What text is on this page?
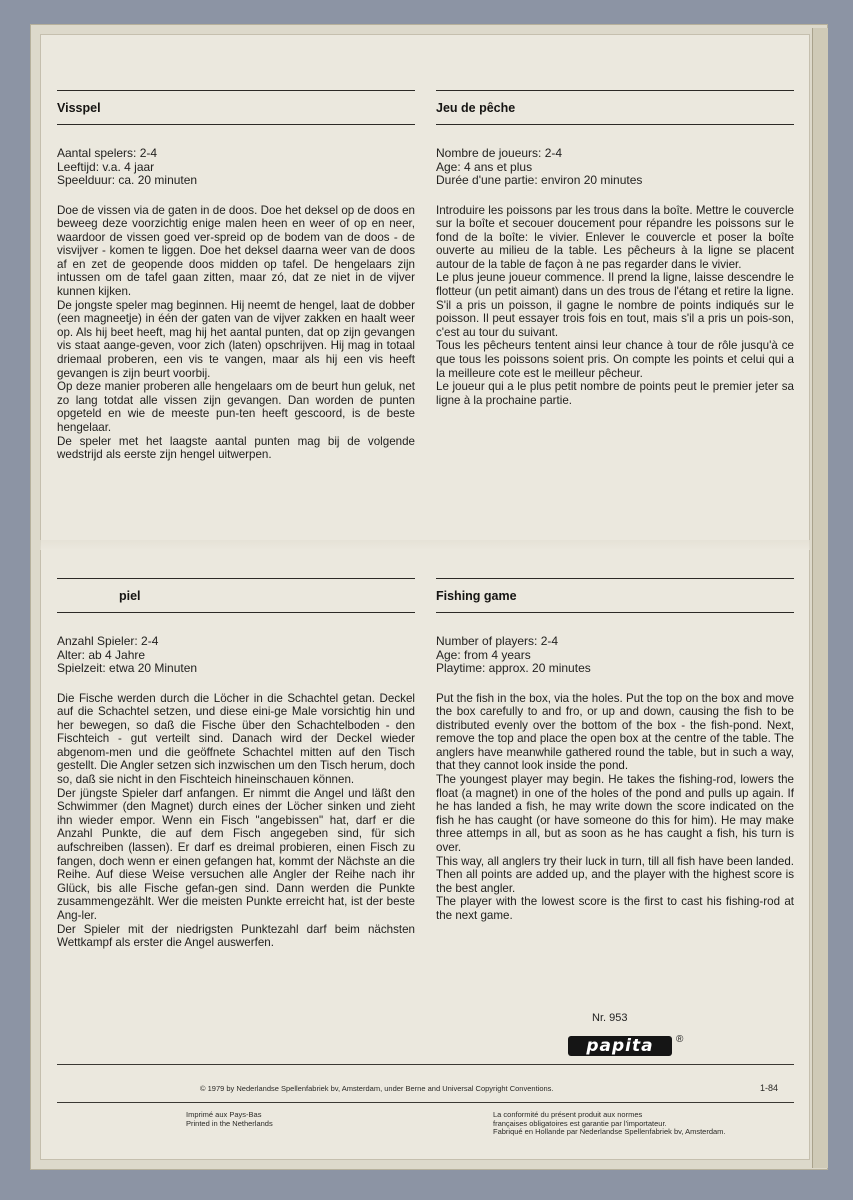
Visspel
Aantal spelers: 2-4
Leeftijd: v.a. 4 jaar
Speelduur: ca. 20 minuten

Doe de vissen via de gaten in de doos. Doe het deksel op de doos en beweeg deze voorzichtig enige malen heen en weer of op en neer, waardoor de vissen goed ver-spreid op de bodem van de doos - de visvijver - komen te liggen. Doe het deksel daarna weer van de doos af en zet de geopende doos midden op tafel. De hengelaars zijn intussen om de tafel gaan zitten, maar zó, dat ze niet in de vijver kunnen kijken.

De jongste speler mag beginnen. Hij neemt de hengel, laat de dobber (een magneetje) in één der gaten van de vijver zakken en haalt weer op. Als hij beet heeft, mag hij het aantal punten, dat op zijn gevangen vis staat aange-geven, voor zich (laten) opschrijven. Hij mag in totaal driemaal proberen, een vis te vangen, maar als hij een vis heeft gevangen is zijn beurt voorbij.

Op deze manier proberen alle hengelaars om de beurt hun geluk, net zo lang totdat alle vissen zijn gevangen. Dan worden de punten opgeteld en wie de meeste pun-ten heeft gescoord, is de beste hengelaar.

De speler met het laagste aantal punten mag bij de volgende wedstrijd als eerste zijn hengel uitwerpen.

Jeu de pêche
Nombre de joueurs: 2-4
Age: 4 ans et plus
Durée d'une partie: environ 20 minutes

Introduire les poissons par les trous dans la boîte. Mettre le couvercle sur la boîte et secouer doucement pour répandre les poissons sur le fond de la boîte: le vivier. Enlever le couvercle et poser la boîte ouverte au milieu de la table. Les pêcheurs à la ligne se placent autour de la table de façon à ne pas regarder dans le vivier.

Le plus jeune joueur commence. Il prend la ligne, laisse descendre le flotteur (un petit aimant) dans un des trous de l'étang et retire la ligne. S'il a pris un poisson, il gagne le nombre de points indiqués sur le poisson. Il peut essayer trois fois en tout, mais s'il a pris un pois-son, c'est au tour du suivant.

Tous les pêcheurs tentent ainsi leur chance à tour de rôle jusqu'à ce que tous les poissons soient pris. On compte les points et celui qui a la meilleure cote est le meilleur pêcheur.

Le joueur qui a le plus petit nombre de points peut le premier jeter sa ligne à la prochaine partie.

piel
Anzahl Spieler: 2-4
Alter: ab 4 Jahre
Spielzeit: etwa 20 Minuten

Die Fische werden durch die Löcher in die Schachtel getan. Deckel auf die Schachtel setzen, und diese eini-ge Male vorsichtig hin und her bewegen, so daß die Fische über den Schachtelboden - den Fischteich - gut verteilt sind. Danach wird der Deckel wieder abgenom-men und die geöffnete Schachtel mitten auf den Tisch gestellt. Die Angler setzen sich inzwischen um den Tisch herum, doch so, daß sie nicht in den Fischteich hineinschauen können.

Der jüngste Spieler darf anfangen. Er nimmt die Angel und läßt den Schwimmer (den Magnet) durch eines der Löcher sinken und zieht ihn wieder empor. Wenn ein Fisch "angebissen" hat, darf er die Anzahl Punkte, die auf dem Fisch angegeben sind, für sich aufschreiben (lassen). Er darf es dreimal probieren, einen Fisch zu fangen, doch wenn er einen gefangen hat, kommt der Nächste an die Reihe. Auf diese Weise versuchen alle Angler der Reihe nach ihr Glück, bis alle Fische gefan-gen sind. Dann werden die Punkte zusammengezählt. Wer die meisten Punkte erreicht hat, ist der beste Ang-ler.

Der Spieler mit der niedrigsten Punktezahl darf beim nächsten Wettkampf als erster die Angel auswerfen.

Fishing game
Number of players: 2-4
Age: from 4 years
Playtime: approx. 20 minutes

Put the fish in the box, via the holes. Put the top on the box and move the box carefully to and fro, or up and down, causing the fish to be distributed evenly over the bottom of the box - the fish-pond. Next, remove the top and place the open box at the centre of the table. The anglers have meanwhile gathered round the table, but in such a way, that they cannot look inside the pond.

The youngest player may begin. He takes the fishing-rod, lowers the float (a magnet) in one of the holes of the pond and pulls up again. If he has landed a fish, he may write down the score indicated on the fish he has caught (or have someone do this for him). He may make three attemps in all, but as soon as he has caught a fish, his turn is over.

This way, all anglers try their luck in turn, till all fish have been landed. Then all points are added up, and the player with the highest score is the best angler.

The player with the lowest score is the first to cast his fishing-rod at the next game.

Nr. 953
papita	®
© 1979 by Nederlandse Spellenfabriek bv, Amsterdam, under Berne and Universal Copyright Conventions.	1-84
Imprimé aux Pays-Bas
Printed in the Netherlands
La conformité du présent produit aux normes
françaises obligatoires est garantie par l'importateur.
Fabriqué en Hollande par Nederlandse Spellenfabriek bv, Amsterdam.
